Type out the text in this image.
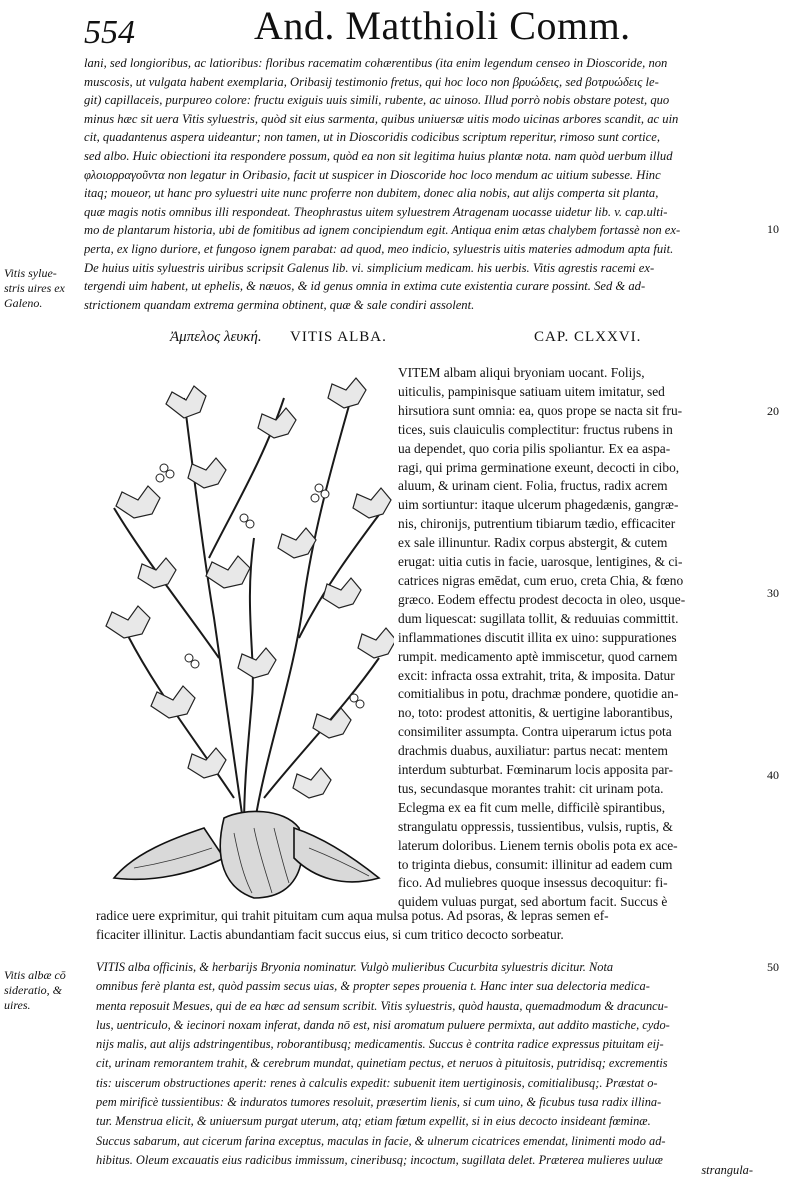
554	And. Matthioli Comm.
lani, sed longioribus, ac latioribus: floribus racematim cohærentibus (ita enim legendum censeo in Dioscoride, non
muscosis, ut vulgata habent exemplaria, Oribasij testimonio fretus, qui hoc loco non βρυώδεις, sed βοτρυώδεις le-
git) capillaceis, purpureo colore: fructu exiguis uuis simili, rubente, ac uinoso. Illud porrò nobis obstare potest, quo
minus hæc sit uera Vitis syluestris, quòd sit eius sarmenta, quibus uniuersæ uitis modo uicinas arbores scandit, ac uin
cit, quadantenus aspera uideantur; non tamen, ut in Dioscoridis codicibus scriptum reperitur, rimoso sunt cortice,
sed albo. Huic obiectioni ita respondere possum, quòd ea non sit legitima huius plantæ nota. nam quòd uerbum illud
φλοιορραγοῦντα non legatur in Oribasio, facit ut suspicer in Dioscoride hoc loco mendum ac uitium subesse. Hinc
itaq; moueor, ut hanc pro syluestri uite nunc proferre non dubitem, donec alia nobis, aut alijs comperta sit planta,
quæ magis notis omnibus illi respondeat. Theophrastus uitem syluestrem Atragenam uocasse uidetur lib. v. cap.ulti-
mo de plantarum historia, ubi de fomitibus ad ignem concipiendum egit. Antiqua enim ætas chalybem fortassè non ex-
perta, ex ligno duriore, et fungoso ignem parabat: ad quod, meo indicio, syluestris uitis materies admodum apta fuit.
De huius uitis syluestris uiribus scripsit Galenus lib. vi. simplicium medicam. his uerbis. Vitis agrestis racemi ex-
tergendi uim habent, ut ephelis, & næuos, & id genus omnia in extima cute existentia curare possint. Sed & ad-
strictionem quandam extrema germina obtinent, quæ & sale condiri assolent.
10
Vitis sylue-
stris uires ex
Galeno.
Ἀμπελος λευκή. VITIS ALBA.	CAP. CLXXVI.
VITEM albam aliqui bryoniam uocant. Folijs,
uiticulis, pampinisque satiuam uitem imitatur, sed
hirsutiora sunt omnia: ea, quos prope se nacta sit fru-
tices, suis clauiculis complectitur: fructus rubens in
ua dependet, quo coria pilis spoliantur. Ex ea aspa-
ragi, qui prima germinatione exeunt, decocti in cibo,
aluum, & urinam cient. Folia, fructus, radix acrem
uim sortiuntur: itaque ulcerum phagedænis, gangræ-
nis, chironijs, putrentium tibiarum tædio, efficaciter
ex sale illinuntur. Radix corpus abstergit, & cutem
erugat: uitia cutis in facie, uarosque, lentigines, & ci-
catrices nigras emēdat, cum eruo, creta Chia, & fœno
græco. Eodem effectu prodest decocta in oleo, usque-
dum liquescat: sugillata tollit, & reduuias committit.
inflammationes discutit illita ex uino: suppurationes
rumpit. medicamento aptè immiscetur, quod carnem
excit: infracta ossa extrahit, trita, & imposita. Datur
comitialibus in potu, drachmæ pondere, quotidie an-
no, toto: prodest attonitis, & uertigine laborantibus,
consimiliter assumpta. Contra uiperarum ictus pota
drachmis duabus, auxiliatur: partus necat: mentem
interdum subturbat. Fœminarum locis apposita par-
tus, secundasque morantes trahit: cit urinam pota.
Eclegma ex ea fit cum melle, difficilè spirantibus,
strangulatu oppressis, tussientibus, vulsis, ruptis, &
laterum doloribus. Lienem ternis obolis pota ex ace-
to triginta diebus, consumit: illinitur ad eadem cum
fico. Ad muliebres quoque insessus decoquitur: fi-
quidem vuluas purgat, sed abortum facit. Succus è
20
30
40
radice uere exprimitur, qui trahit pituitam cum aqua mulsa potus. Ad psoras, & lepras semen ef-
ficaciter illinitur. Lactis abundantiam facit succus eius, si cum tritico decocto sorbeatur.
Vitis albæ cō
sideratio, &
uires.
50
VITIS alba officinis, & herbarijs Bryonia nominatur. Vulgò mulieribus Cucurbita syluestris dicitur. Nota
omnibus ferè planta est, quòd passim secus uias, & propter sepes prouenia t. Hanc inter sua delectoria medica-
menta reposuit Mesues, qui de ea hæc ad sensum scribit. Vitis syluestris, quòd hausta, quemadmodum & dracuncu-
lus, uentriculo, & iecinori noxam inferat, danda nō est, nisi aromatum puluere permixta, aut addito mastiche, cydo-
nijs malis, aut alijs adstringentibus, roborantibusq; medicamentis. Succus è contrita radice expressus pituitam eij-
cit, urinam remorantem trahit, & cerebrum mundat, quinetiam pectus, et neruos à pituitosis, putridisq; excrementis
tis: uiscerum obstructiones aperit: renes à calculis expedit: subuenit item uertiginosis, comitialibusq;. Præstat o-
pem mirificè tussientibus: & induratos tumores resoluit, præsertim lienis, si cum uino, & ficubus tusa radix illina-
tur. Menstrua elicit, & uniuersum purgat uterum, atq; etiam fœtum expellit, si in eius decocto insideant fœminæ.
Succus sabarum, aut cicerum farina exceptus, maculas in facie, & ulnerum cicatrices emendat, linimenti modo ad-
hibitus. Oleum excauatis eius radicibus immissum, cineribusq; incoctum, sugillata delet. Præterea mulieres uuluæ
strangula-
